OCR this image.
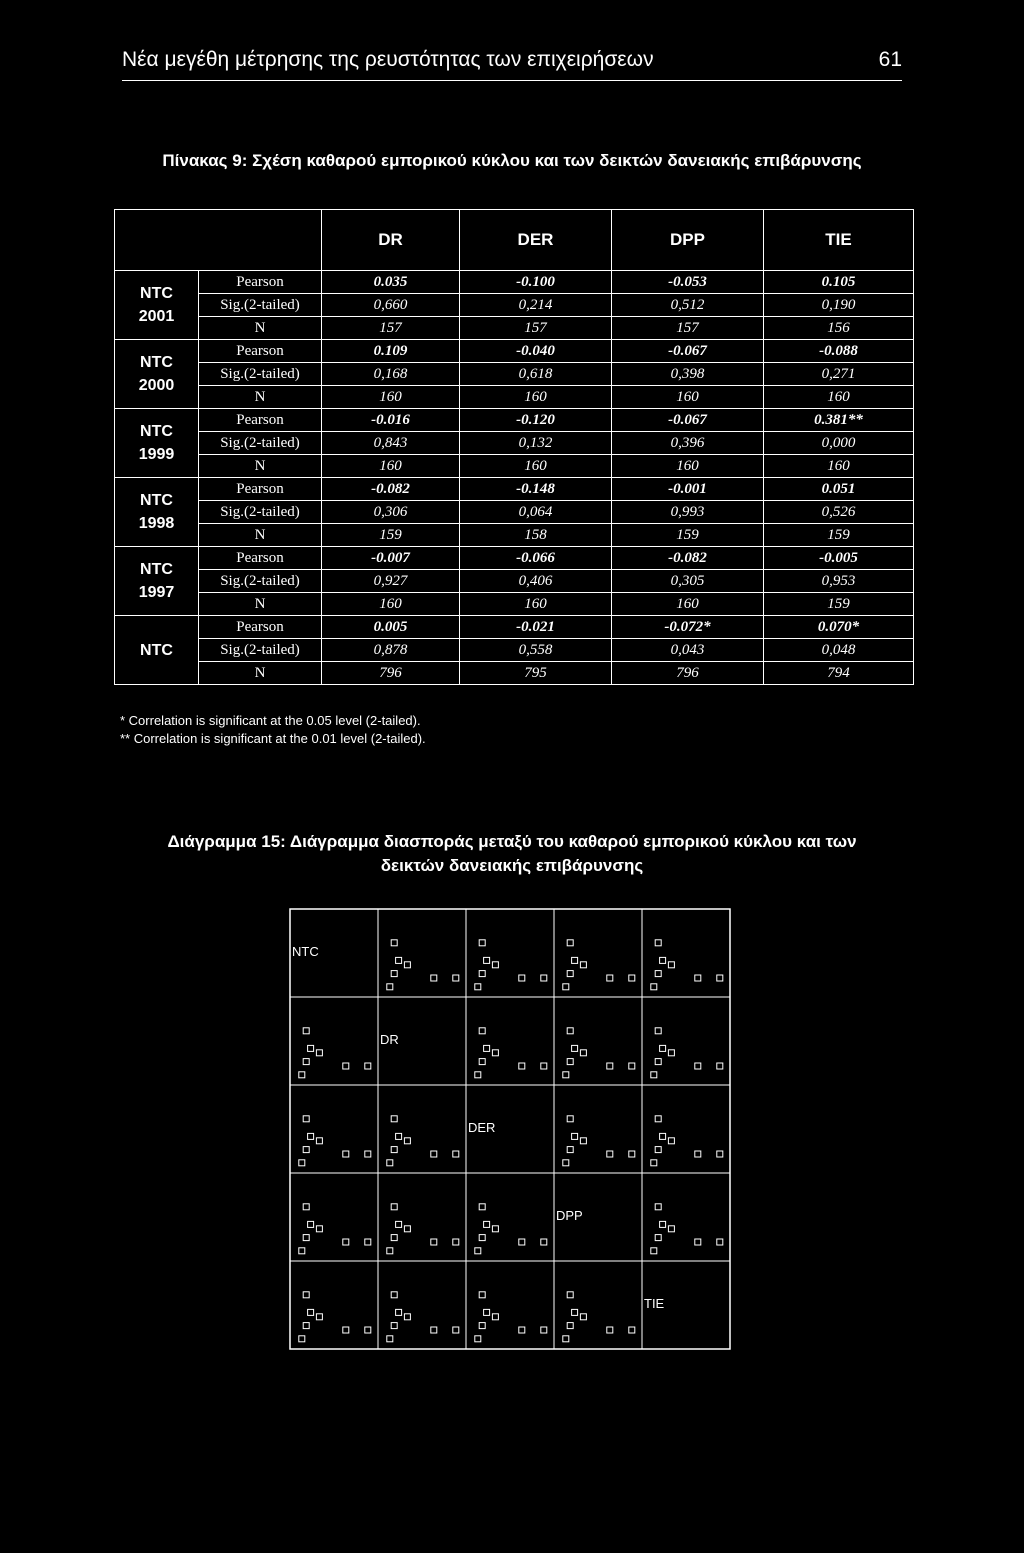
Νέα μεγέθη μέτρησης της ρευστότητας των επιχειρήσεων	61
Πίνακας 9: Σχέση καθαρού εμπορικού κύκλου και των δεικτών δανειακής επιβάρυνσης
		DR	DER	DPP	TIE

NTC
2001	Pearson	0.035	-0.100	-0.053	0.105
	Sig.(2-tailed)	0,660	0,214	0,512	0,190
	N	157	157	157	156

NTC
2000	Pearson	0.109	-0.040	-0.067	-0.088
	Sig.(2-tailed)	0,168	0,618	0,398	0,271
	N	160	160	160	160

NTC
1999	Pearson	-0.016	-0.120	-0.067	0.381**
	Sig.(2-tailed)	0,843	0,132	0,396	0,000
	N	160	160	160	160

NTC
1998	Pearson	-0.082	-0.148	-0.001	0.051
	Sig.(2-tailed)	0,306	0,064	0,993	0,526
	N	159	158	159	159

NTC
1997	Pearson	-0.007	-0.066	-0.082	-0.005
	Sig.(2-tailed)	0,927	0,406	0,305	0,953
	N	160	160	160	159

NTC	Pearson	0.005	-0.021	-0.072*	0.070*
	Sig.(2-tailed)	0,878	0,558	0,043	0,048
	N	796	795	796	794
* Correlation is significant at the 0.05 level (2-tailed).
** Correlation is significant at the 0.01 level (2-tailed).
Διάγραμμα 15: Διάγραμμα διασποράς μεταξύ του καθαρού εμπορικού κύκλου και των
δεικτών δανειακής επιβάρυνσης
NTC
DR
DER
DPP
TIE
